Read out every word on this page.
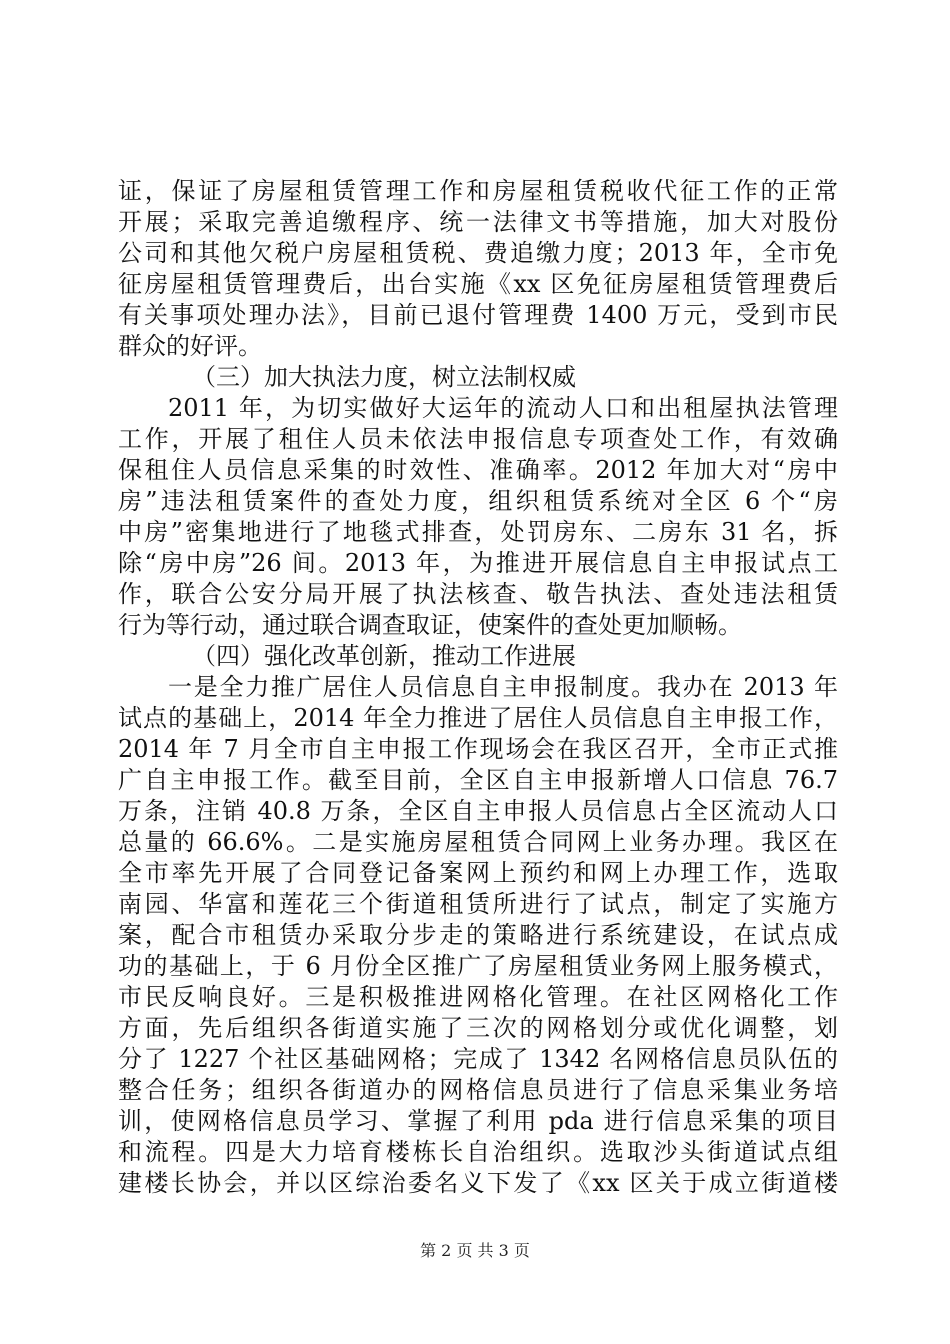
证，保证了房屋租赁管理工作和房屋租赁税收代征工作的正常
开展；采取完善追缴程序、统一法律文书等措施，加大对股份
公司和其他欠税户房屋租赁税、费追缴力度；2013 年，全市免
征房屋租赁管理费后，出台实施《xx 区免征房屋租赁管理费后
有关事项处理办法》，目前已退付管理费 1400 万元，受到市民
群众的好评。
（三）加大执法力度，树立法制权威
2011 年，为切实做好大运年的流动人口和出租屋执法管理
工作，开展了租住人员未依法申报信息专项查处工作，有效确
保租住人员信息采集的时效性、准确率。2012 年加大对“房中
房”违法租赁案件的查处力度，组织租赁系统对全区 6 个“房
中房”密集地进行了地毯式排查，处罚房东、二房东 31 名，拆
除“房中房”26 间。2013 年，为推进开展信息自主申报试点工
作，联合公安分局开展了执法核查、敬告执法、查处违法租赁
行为等行动，通过联合调查取证，使案件的查处更加顺畅。
（四）强化改革创新，推动工作进展
一是全力推广居住人员信息自主申报制度。我办在 2013 年
试点的基础上，2014 年全力推进了居住人员信息自主申报工作，
2014 年 7 月全市自主申报工作现场会在我区召开，全市正式推
广自主申报工作。截至目前，全区自主申报新增人口信息 76.7
万条，注销 40.8 万条，全区自主申报人员信息占全区流动人口
总量的 66.6%。二是实施房屋租赁合同网上业务办理。我区在
全市率先开展了合同登记备案网上预约和网上办理工作，选取
南园、华富和莲花三个街道租赁所进行了试点，制定了实施方
案，配合市租赁办采取分步走的策略进行系统建设，在试点成
功的基础上，于 6 月份全区推广了房屋租赁业务网上服务模式，
市民反响良好。三是积极推进网格化管理。在社区网格化工作
方面，先后组织各街道实施了三次的网格划分或优化调整，划
分了 1227 个社区基础网格；完成了 1342 名网格信息员队伍的
整合任务；组织各街道办的网格信息员进行了信息采集业务培
训，使网格信息员学习、掌握了利用 pda 进行信息采集的项目
和流程。四是大力培育楼栋长自治组织。选取沙头街道试点组
建楼长协会，并以区综治委名义下发了《xx 区关于成立街道楼
第 2 页 共 3 页
